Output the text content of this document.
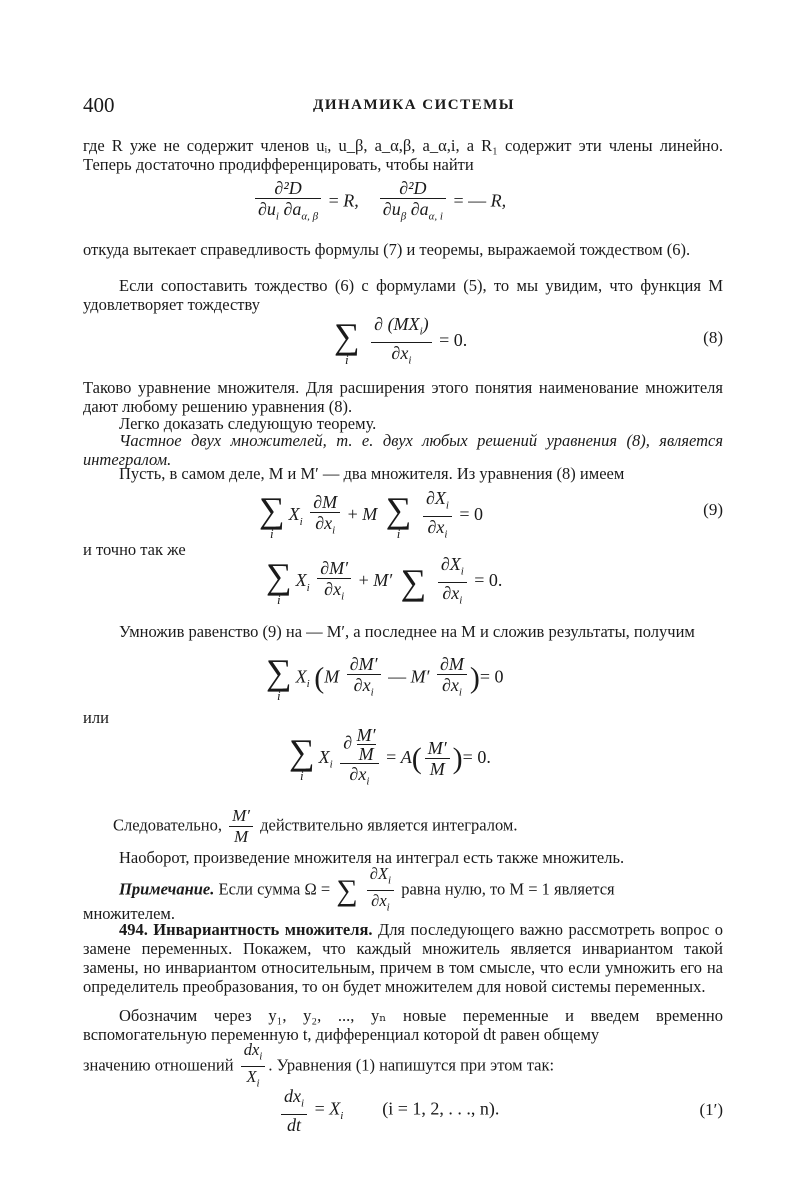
400	ДИНАМИКА СИСТЕМЫ

где R уже не содержит членов uᵢ, u_β, a_α,β, a_α,i, а R₁ содержит эти члены линейно. Теперь достаточно продифференцировать, чтобы найти

$\frac{\text{∂²D}}{\partial u_i \partial a_{\alpha, \beta}} = R$, $\frac{\text{∂²D}}{\partial u_\beta \partial a_{\alpha, i}}$ = — R,

откуда вытекает справедливость формулы (7) и теоремы, выражаемой тождеством (6).

Если сопоставить тождество (6) с формулами (5), то мы увидим, что функция M удовлетворяет тождеству

∑
i
	$\frac{\partial (MX_i)}{\partial x_i} = 0$.	(8)

Таково уравнение множителя. Для расширения этого понятия наименование множителя дают любому решению уравнения (8).

Легко доказать следующую теорему.

Частное двух множителей, т. е. двух любых решений уравнения (8), является интегралом.

Пусть, в самом деле, M и M′ — два множителя. Из уравнения (8) имеем

∑
i
$X_i \frac{\partial M}{\partial x_i} + M$ ∑
i
	$\frac{\partial X_i}{\partial x_i} = 0$	(9)

и точно так же

∑
i
$X_i \frac{\partial M'}{\partial x_i} + M'$ ∑
$\frac{\partial X_i}{\partial x_i} = 0$.

Умножив равенство (9) на — M′, а последнее на M и сложив результаты, получим

∑
i
$X_i$ ($M \frac{\partial M'}{\partial x_i}$ — $M' \frac{\partial M}{\partial x_i}$ )= 0

или

∑
i
$X_i \frac{\partial \frac{M'}{M}}{\partial x_i} = A( \frac{M'}{M}$ )= 0.
Следовательно, $\frac{M'}{M}$ действительно является интегралом.

Наоборот, произведение множителя на интеграл есть также множитель.

Примечание. Если сумма Ω = ∑
$\frac{\partial X_i}{\partial x_i}$ равна нулю, то M = 1 является

множителем.

494. Инвариантность множителя. Для последующего важно рассмотреть вопрос о замене переменных. Покажем, что каждый множитель является инвариантом такой замены, но инвариантом относительным, причем в том смысле, что если умножить его на определитель преобразования, то он будет множителем для новой системы переменных.

Обозначим через y₁, y₂, ..., yₙ новые переменные и введем временно вспомогательную переменную t, дифференциал которой dt равен общему

значению отношений $\frac{dx_i}{X_i}$ . Уравнения (1) напишутся при этом так:
$\frac{dx_i}{dt} = X_i$ (i = 1, 2, . . ., n).	(1′)
